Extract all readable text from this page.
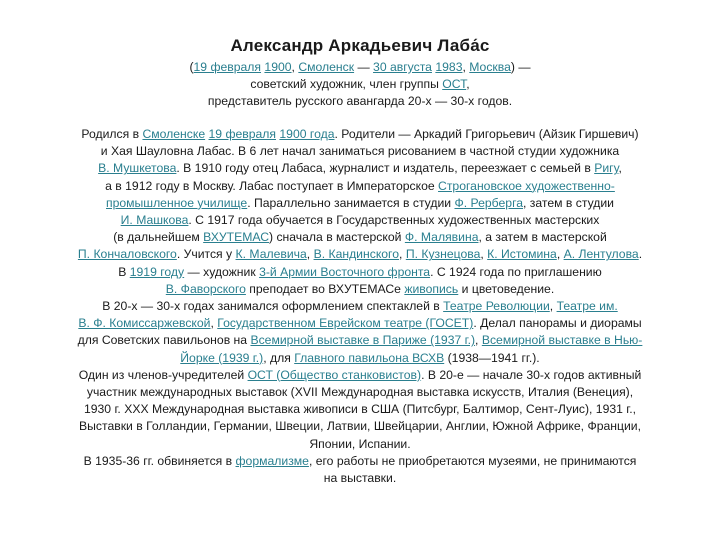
Александр Аркадьевич Лаба́с
(19 февраля 1900, Смоленск — 30 августа 1983, Москва) —
советский художник, член группы ОСТ,
представитель русского авангарда 20-х — 30-х годов.
Родился в Смоленске 19 февраля 1900 года. Родители — Аркадий Григорьевич (Айзик Гиршевич)
и Хая Шауловна Лабас. В 6 лет начал заниматься рисованием в частной студии художника
В. Мушкетова. В 1910 году отец Лабаса, журналист и издатель, переезжает с семьей в Ригу,
а в 1912 году в Москву. Лабас поступает в Императорское Строгановское художественно-
промышленное училище. Параллельно занимается в студии Ф. Рерберга, затем в студии
И. Машкова. С 1917 года обучается в Государственных художественных мастерских
(в дальнейшем ВХУТЕМАС) сначала в мастерской Ф. Малявина, а затем в мастерской
П. Кончаловского. Учится у К. Малевича, В. Кандинского, П. Кузнецова, К. Истомина, А. Лентулова.
В 1919 году — художник 3-й Армии Восточного фронта. С 1924 года по приглашению
В. Фаворского преподает во ВХУТЕМАСе живопись и цветоведение.
В 20-х — 30-х годах занимался оформлением спектаклей в Театре Революции, Театре им.
В. Ф. Комиссаржевской, Государственном Еврейском театре (ГОСЕТ). Делал панорамы и диорамы
для Советских павильонов на Всемирной выставке в Париже (1937 г.), Всемирной выставке в Нью-
Йорке (1939 г.), для Главного павильона ВСХВ (1938—1941 гг.).
Один из членов-учредителей ОСТ (Общество станковистов). В 20-е — начале 30-х годов активный
участник международных выставок (XVII Международная выставка искусств, Италия (Венеция),
1930 г. XXX Международная выставка живописи в США (Питсбург, Балтимор, Сент-Луис), 1931 г.,
Выставки в Голландии, Германии, Швеции, Латвии, Швейцарии, Англии, Южной Африке, Франции,
Японии, Испании.
В 1935-36 гг. обвиняется в формализме, его работы не приобретаются музеями, не принимаются
на выставки.
